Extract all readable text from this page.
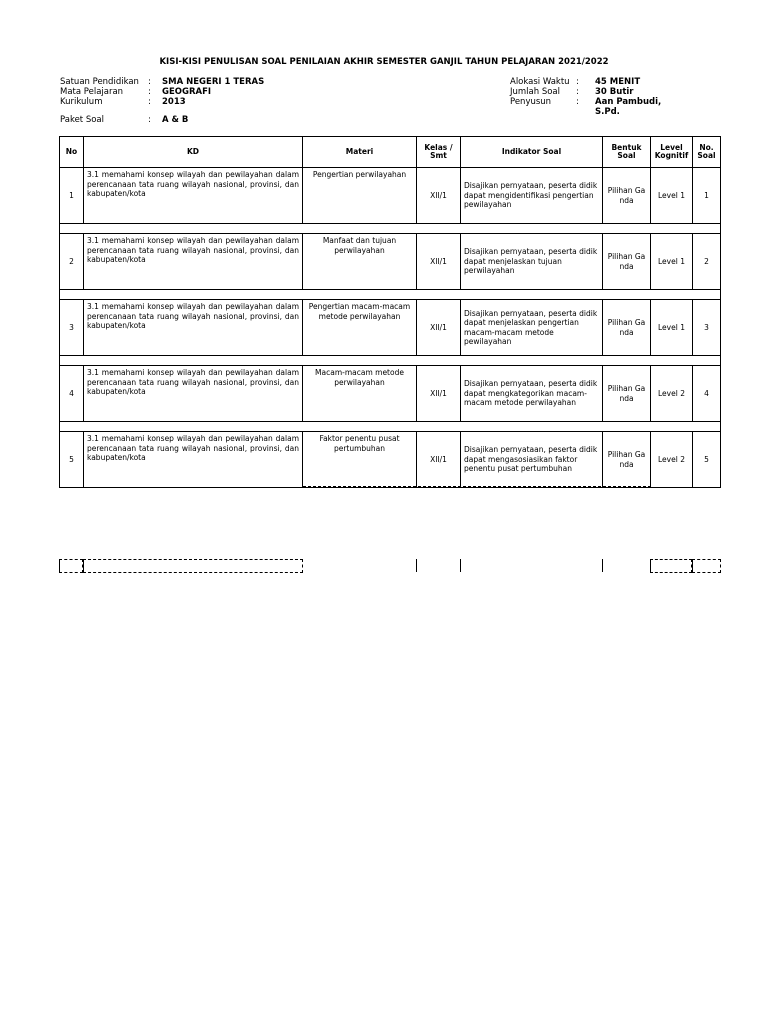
KISI-KISI PENULISAN SOAL PENILAIAN AKHIR SEMESTER GANJIL TAHUN PELAJARAN 2021/2022
Satuan Pendidikan : SMA NEGERI 1 TERAS
Mata Pelajaran	: GEOGRAFI
Kurikulum	: 2013
Paket Soal	: A & B
Alokasi Waktu : 45 MENIT
Jumlah Soal : 30 Butir
Penyusun	: Aan Pambudi, S.Pd.
No	KD	Materi	Kelas / Smt	Indikator Soal	Bentuk Soal	Level Kognitif	No. Soal
1	3.1 memahami konsep wilayah dan pewilayahan dalam perencanaan tata ruang wilayah nasional, provinsi, dan kabupaten/kota	Pengertian perwilayahan	XII/1	Disajikan pernyataan, peserta didik dapat mengidentifikasi pengertian pewilayahan	Pilihan Ganda	Level 1	1

2	3.1 memahami konsep wilayah dan pewilayahan dalam perencanaan tata ruang wilayah nasional, provinsi, dan kabupaten/kota	Manfaat dan tujuan perwilayahan	XII/1	Disajikan pernyataan, peserta didik dapat menjelaskan tujuan perwilayahan	Pilihan Ganda	Level 1	2

3	3.1 memahami konsep wilayah dan pewilayahan dalam perencanaan tata ruang wilayah nasional, provinsi, dan kabupaten/kota	Pengertian macam-macam metode perwilayahan	XII/1	Disajikan pernyataan, peserta didik dapat menjelaskan pengertian macam-macam metode pewilayahan	Pilihan Ganda	Level 1	3

4	3.1 memahami konsep wilayah dan pewilayahan dalam perencanaan tata ruang wilayah nasional, provinsi, dan kabupaten/kota	Macam-macam metode perwilayahan	XII/1	Disajikan pernyataan, peserta didik dapat mengkategorikan macam- macam metode perwilayahan	Pilihan Ganda	Level 2	4

5	3.1 memahami konsep wilayah dan pewilayahan dalam perencanaan tata ruang wilayah nasional, provinsi, dan kabupaten/kota	Faktor penentu pusat pertumbuhan	XII/1	Disajikan pernyataan, peserta didik dapat mengasosiasikan faktor penentu pusat pertumbuhan	Pilihan Ganda	Level 2	5
